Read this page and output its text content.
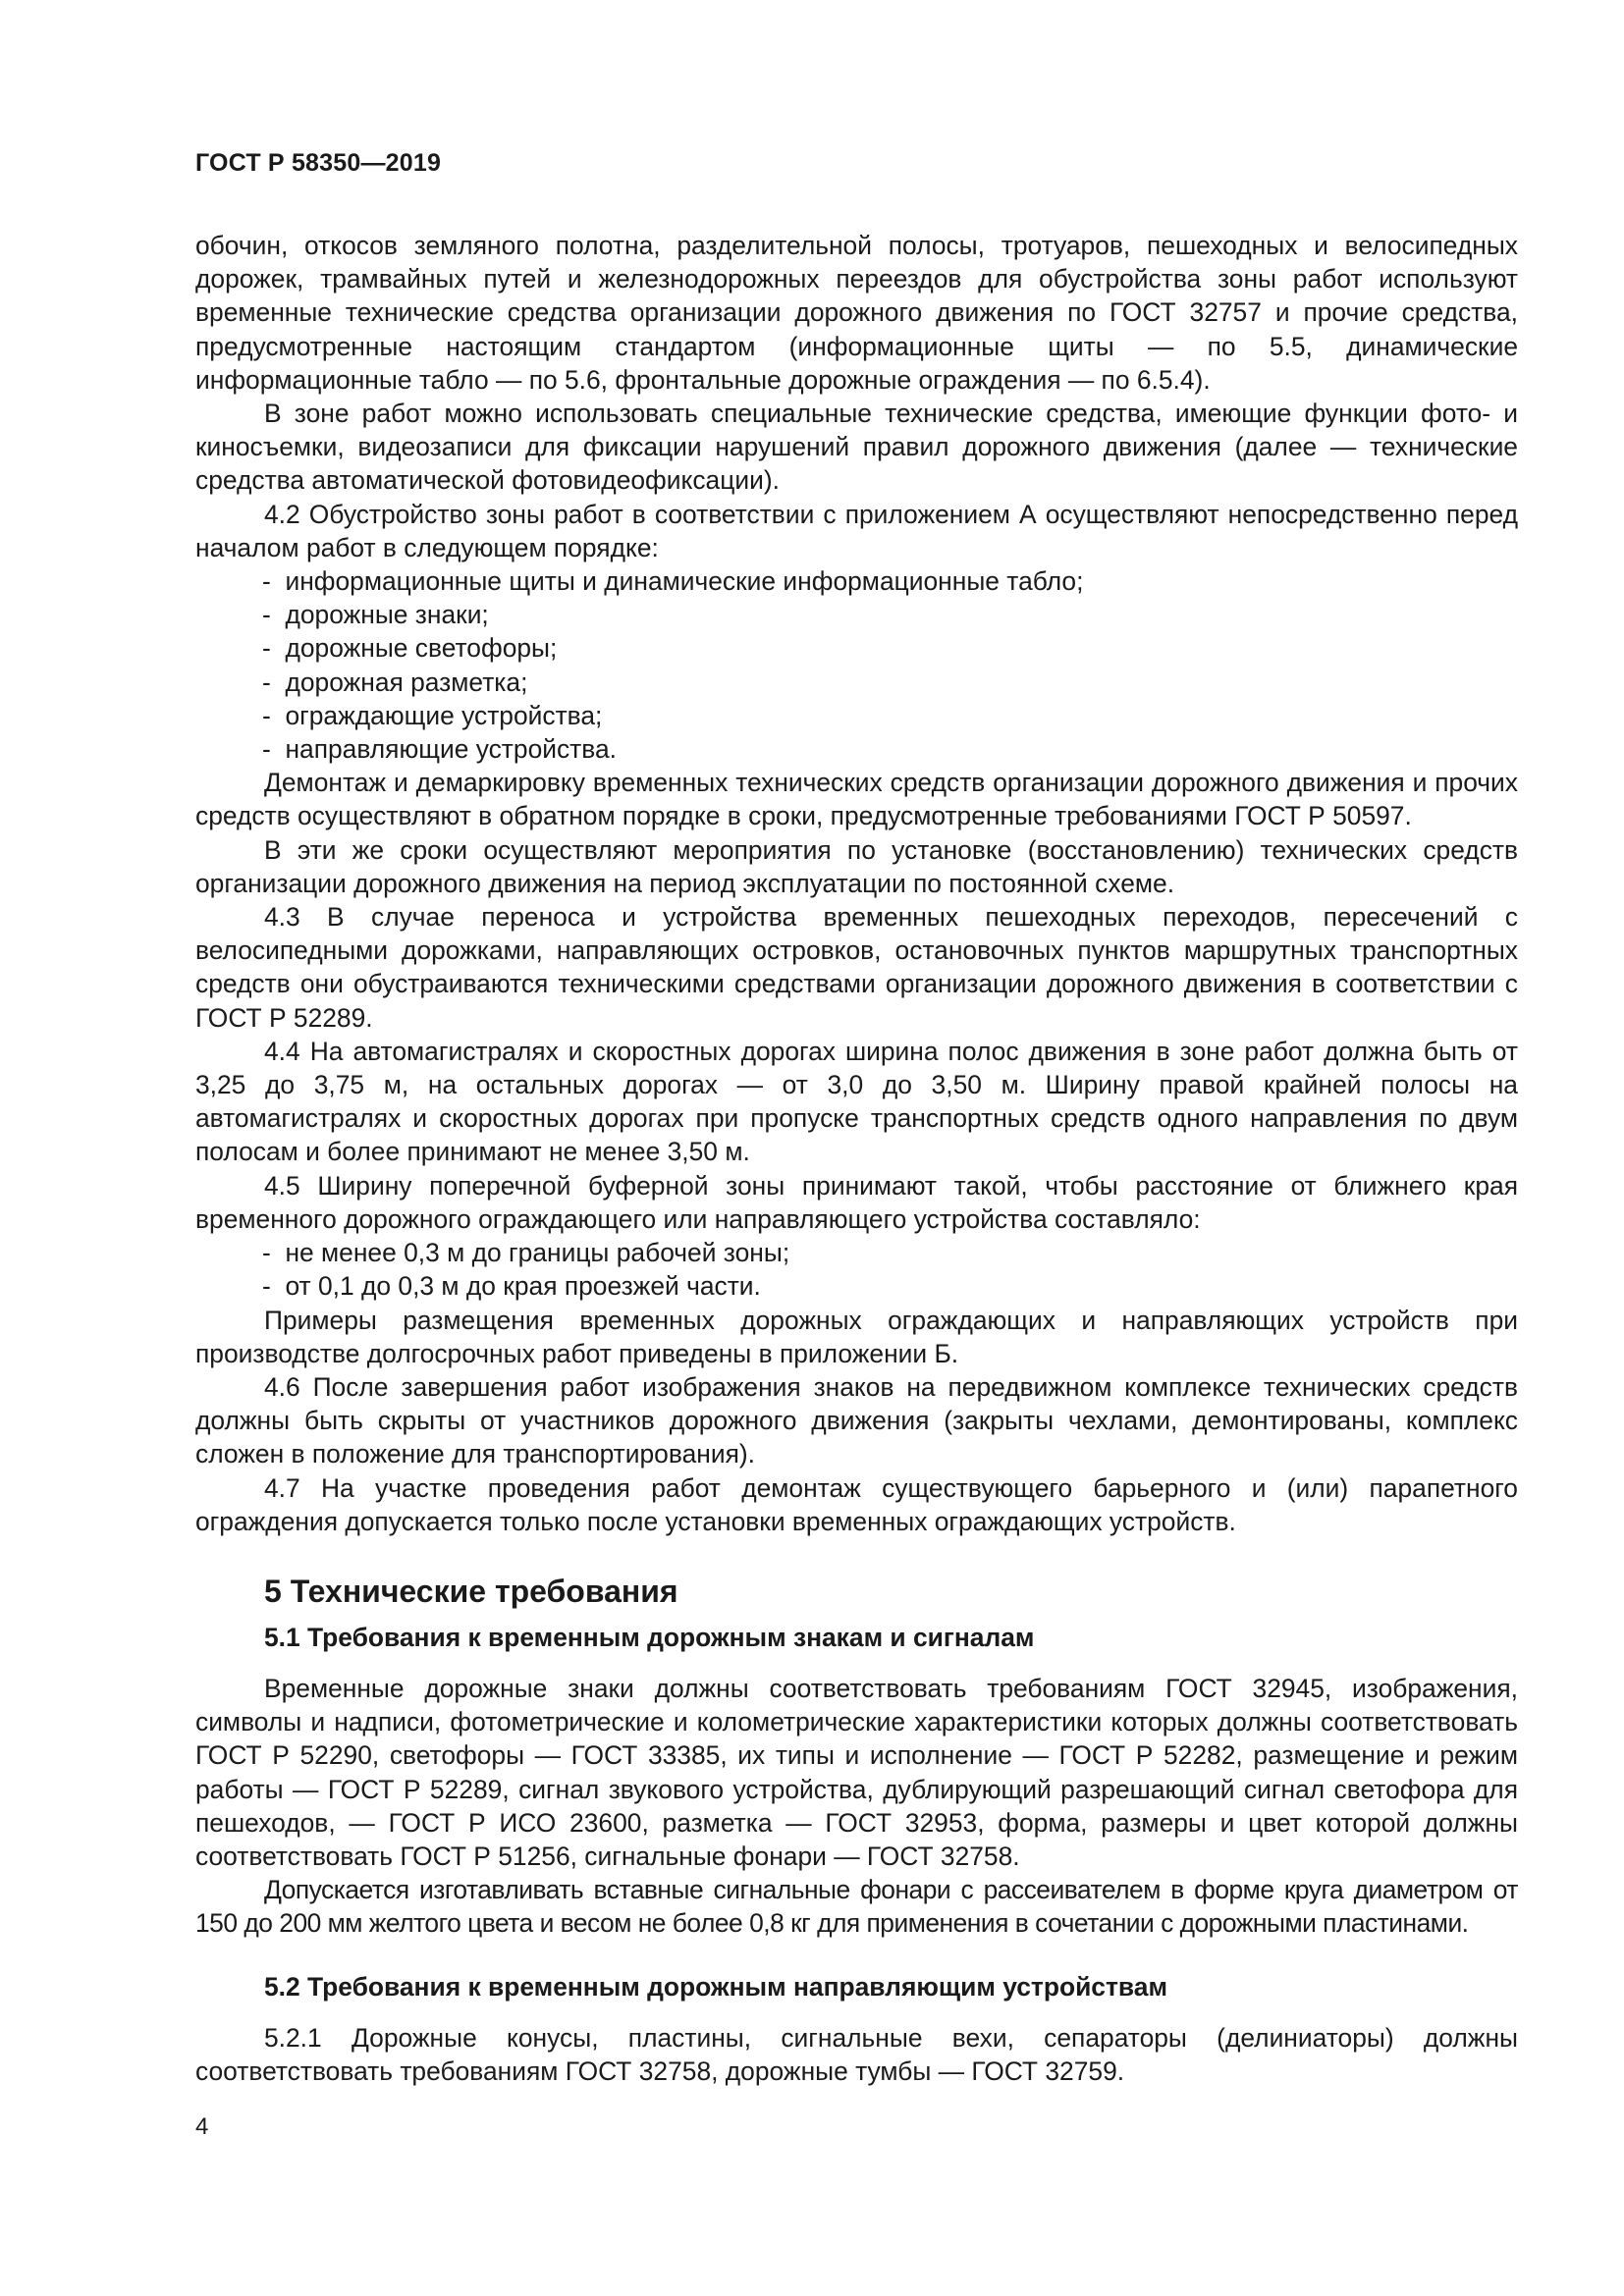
ГОСТ Р 58350—2019

обочин, откосов земляного полотна, разделительной полосы, тротуаров, пешеходных и велосипедных дорожек, трамвайных путей и железнодорожных переездов для обустройства зоны работ используют временные технические средства организации дорожного движения по ГОСТ 32757 и прочие средства, предусмотренные настоящим стандартом (информационные щиты — по 5.5, динамические информационные табло — по 5.6, фронтальные дорожные ограждения — по 6.5.4).

В зоне работ можно использовать специальные технические средства, имеющие функции фото- и киносъемки, видеозаписи для фиксации нарушений правил дорожного движения (далее — технические средства автоматической фотовидеофиксации).

4.2 Обустройство зоны работ в соответствии с приложением А осуществляют непосредственно перед началом работ в следующем порядке:

-  информационные щиты и динамические информационные табло;

-  дорожные знаки;

-  дорожные светофоры;

-  дорожная разметка;

-  ограждающие устройства;

-  направляющие устройства.

Демонтаж и демаркировку временных технических средств организации дорожного движения и прочих средств осуществляют в обратном порядке в сроки, предусмотренные требованиями ГОСТ Р 50597.

В эти же сроки осуществляют мероприятия по установке (восстановлению) технических средств организации дорожного движения на период эксплуатации по постоянной схеме.

4.3 В случае переноса и устройства временных пешеходных переходов, пересечений с велосипедными дорожками, направляющих островков, остановочных пунктов маршрутных транспортных средств они обустраиваются техническими средствами организации дорожного движения в соответствии с ГОСТ Р 52289.

4.4 На автомагистралях и скоростных дорогах ширина полос движения в зоне работ должна быть от 3,25 до 3,75 м, на остальных дорогах — от 3,0 до 3,50 м. Ширину правой крайней полосы на автомагистралях и скоростных дорогах при пропуске транспортных средств одного направления по двум полосам и более принимают не менее 3,50 м.

4.5 Ширину поперечной буферной зоны принимают такой, чтобы расстояние от ближнего края временного дорожного ограждающего или направляющего устройства составляло:

-  не менее 0,3 м до границы рабочей зоны;

-  от 0,1 до 0,3 м до края проезжей части.

Примеры размещения временных дорожных ограждающих и направляющих устройств при производстве долгосрочных работ приведены в приложении Б.

4.6 После завершения работ изображения знаков на передвижном комплексе технических средств должны быть скрыты от участников дорожного движения (закрыты чехлами, демонтированы, комплекс сложен в положение для транспортирования).

4.7 На участке проведения работ демонтаж существующего барьерного и (или) парапетного ограждения допускается только после установки временных ограждающих устройств.

5 Технические требования
5.1 Требования к временным дорожным знакам и сигналам

Временные дорожные знаки должны соответствовать требованиям ГОСТ 32945, изображения, символы и надписи, фотометрические и колометрические характеристики которых должны соответствовать ГОСТ Р 52290, светофоры — ГОСТ 33385, их типы и исполнение — ГОСТ Р 52282, размещение и режим работы — ГОСТ Р 52289, сигнал звукового устройства, дублирующий разрешающий сигнал светофора для пешеходов, — ГОСТ Р ИСО 23600, разметка — ГОСТ 32953, форма, размеры и цвет которой должны соответствовать ГОСТ Р 51256, сигнальные фонари — ГОСТ 32758.

Допускается изготавливать вставные сигнальные фонари с рассеивателем в форме круга диаметром от 150 до 200 мм желтого цвета и весом не более 0,8 кг для применения в сочетании с дорожными пластинами.

5.2 Требования к временным дорожным направляющим устройствам

5.2.1 Дорожные конусы, пластины, сигнальные вехи, сепараторы (делиниаторы) должны соответствовать требованиям ГОСТ 32758, дорожные тумбы — ГОСТ 32759.

4
